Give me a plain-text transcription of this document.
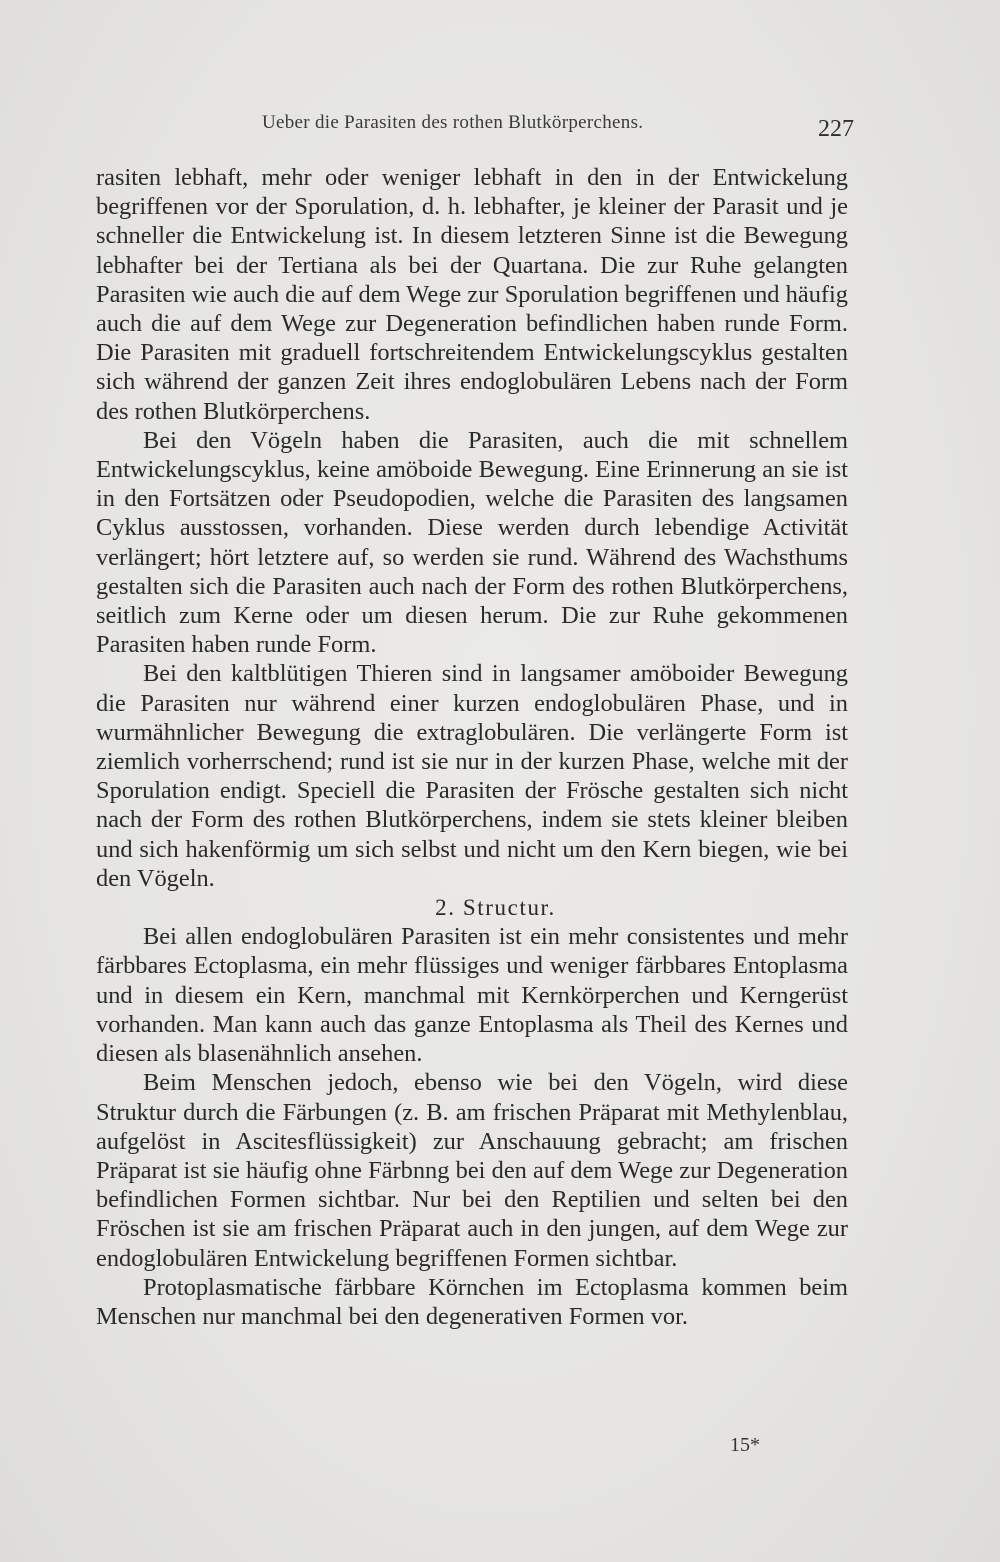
Ueber die Parasiten des rothen Blutkörperchens.	227

rasiten lebhaft, mehr oder weniger lebhaft in den in der Entwickelung begriffenen vor der Sporulation, d. h. lebhafter, je kleiner der Parasit und je schneller die Entwickelung ist. In diesem letzteren Sinne ist die Bewegung lebhafter bei der Tertiana als bei der Quartana. Die zur Ruhe gelangten Parasiten wie auch die auf dem Wege zur Sporulation begriffenen und häufig auch die auf dem Wege zur Degeneration befindlichen haben runde Form. Die Parasiten mit graduell fortschreitendem Entwickelungscyklus gestalten sich während der ganzen Zeit ihres endoglobulären Lebens nach der Form des rothen Blutkörperchens.

Bei den Vögeln haben die Parasiten, auch die mit schnellem Entwickelungscyklus, keine amöboide Bewegung. Eine Erinnerung an sie ist in den Fortsätzen oder Pseudopodien, welche die Parasiten des langsamen Cyklus ausstossen, vorhanden. Diese werden durch lebendige Activität verlängert; hört letztere auf, so werden sie rund. Während des Wachsthums gestalten sich die Parasiten auch nach der Form des rothen Blutkörperchens, seitlich zum Kerne oder um diesen herum. Die zur Ruhe gekommenen Parasiten haben runde Form.

Bei den kaltblütigen Thieren sind in langsamer amöboider Bewegung die Parasiten nur während einer kurzen endoglobulären Phase, und in wurmähnlicher Bewegung die extraglobulären. Die verlängerte Form ist ziemlich vorherrschend; rund ist sie nur in der kurzen Phase, welche mit der Sporulation endigt. Speciell die Parasiten der Frösche gestalten sich nicht nach der Form des rothen Blutkörperchens, indem sie stets kleiner bleiben und sich hakenförmig um sich selbst und nicht um den Kern biegen, wie bei den Vögeln.

2. Structur.

Bei allen endoglobulären Parasiten ist ein mehr consistentes und mehr färbbares Ectoplasma, ein mehr flüssiges und weniger färbbares Entoplasma und in diesem ein Kern, manchmal mit Kernkörperchen und Kerngerüst vorhanden. Man kann auch das ganze Entoplasma als Theil des Kernes und diesen als blasenähnlich ansehen.

Beim Menschen jedoch, ebenso wie bei den Vögeln, wird diese Struktur durch die Färbungen (z. B. am frischen Präparat mit Methylenblau, aufgelöst in Ascitesflüssigkeit) zur Anschauung gebracht; am frischen Präparat ist sie häufig ohne Färbnng bei den auf dem Wege zur Degeneration befindlichen Formen sichtbar. Nur bei den Reptilien und selten bei den Fröschen ist sie am frischen Präparat auch in den jungen, auf dem Wege zur endoglobulären Entwickelung begriffenen Formen sichtbar.

Protoplasmatische färbbare Körnchen im Ectoplasma kommen beim Menschen nur manchmal bei den degenerativen Formen vor.

15*
